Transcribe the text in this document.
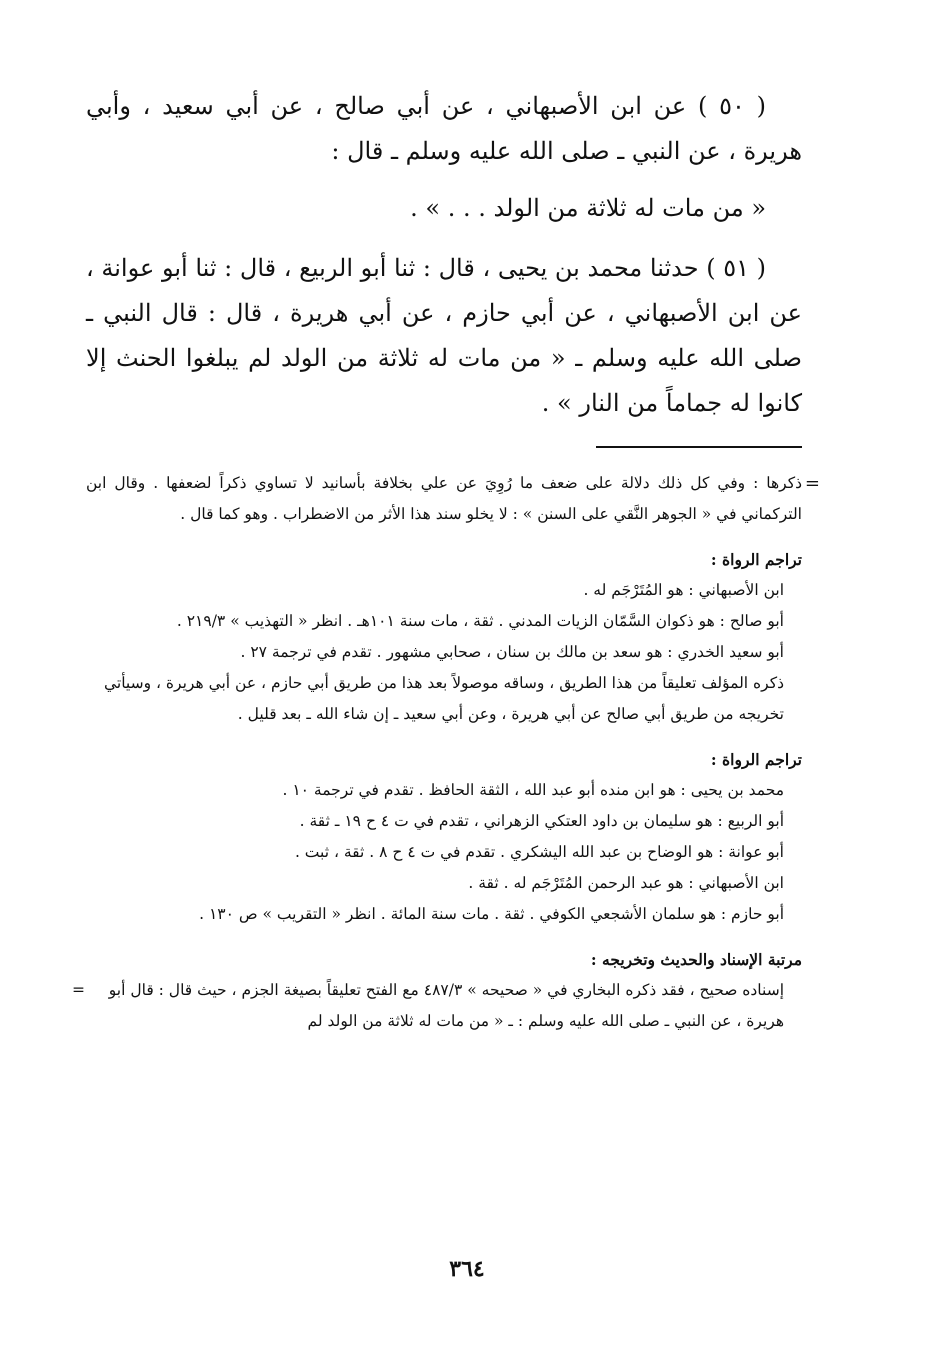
( ٥٠ ) عن ابن الأصبهاني ، عن أبي صالح ، عن أبي سعيد ، وأبي هريرة ، عن النبي ـ صلى الله عليه وسلم ـ قال :

« من مات له ثلاثة من الولد . . . » .

( ٥١ ) حدثنا محمد بن يحيى ، قال : ثنا أبو الربيع ، قال : ثنا أبو عوانة ، عن ابن الأصبهاني ، عن أبي حازم ، عن أبي هريرة ، قال : قال النبي ـ صلى الله عليه وسلم ـ « من مات له ثلاثة من الولد لم يبلغوا الحنث إلا كانوا له جماماً من النار » .

=
ذكرها : وفي كل ذلك دلالة على ضعف ما رُوِيَ عن علي بخلافة بأسانيد لا تساوي ذكراً لضعفها . وقال ابن التركماني في « الجوهر النَّقي على السنن » : لا يخلو سند هذا الأثر من الاضطراب . وهو كما قال .

تراجم الرواة :

ابن الأصبهاني : هو المُتَرْجَم له .

أبو صالح : هو ذكوان السَّمّان الزيات المدني . ثقة ، مات سنة ١٠١هـ . انظر « التهذيب » ٢١٩/٣ .

أبو سعيد الخدري : هو سعد بن مالك بن سنان ، صحابي مشهور . تقدم في ترجمة ٢٧ .

ذكره المؤلف تعليقاً من هذا الطريق ، وساقه موصولاً بعد هذا من طريق أبي حازم ، عن أبي هريرة ، وسيأتي تخريجه من طريق أبي صالح عن أبي هريرة ، وعن أبي سعيد ـ إن شاء الله ـ بعد قليل .

تراجم الرواة :

محمد بن يحيى : هو ابن منده أبو عبد الله ، الثقة الحافظ . تقدم في ترجمة ١٠ .

أبو الربيع : هو سليمان بن داود العتكي الزهراني ، تقدم في ت ٤ ح ١٩ ـ ثقة .

أبو عوانة : هو الوضاح بن عبد الله اليشكري . تقدم في ت ٤ ح ٨ . ثقة ، ثبت .

ابن الأصبهاني : هو عبد الرحمن المُتَرْجَم له . ثقة .

أبو حازم : هو سلمان الأشجعي الكوفي . ثقة . مات سنة المائة . انظر « التقريب » ص ١٣٠ .

مرتبة الإسناد والحديث وتخريجه :

إسناده صحيح ، فقد ذكره البخاري في « صحيحه » ٤٨٧/٣ مع الفتح تعليقاً بصيغة الجزم ، حيث قال : قال أبو هريرة ، عن النبي ـ صلى الله عليه وسلم : ـ « من مات له ثلاثة من الولد لم
=

٣٦٤
